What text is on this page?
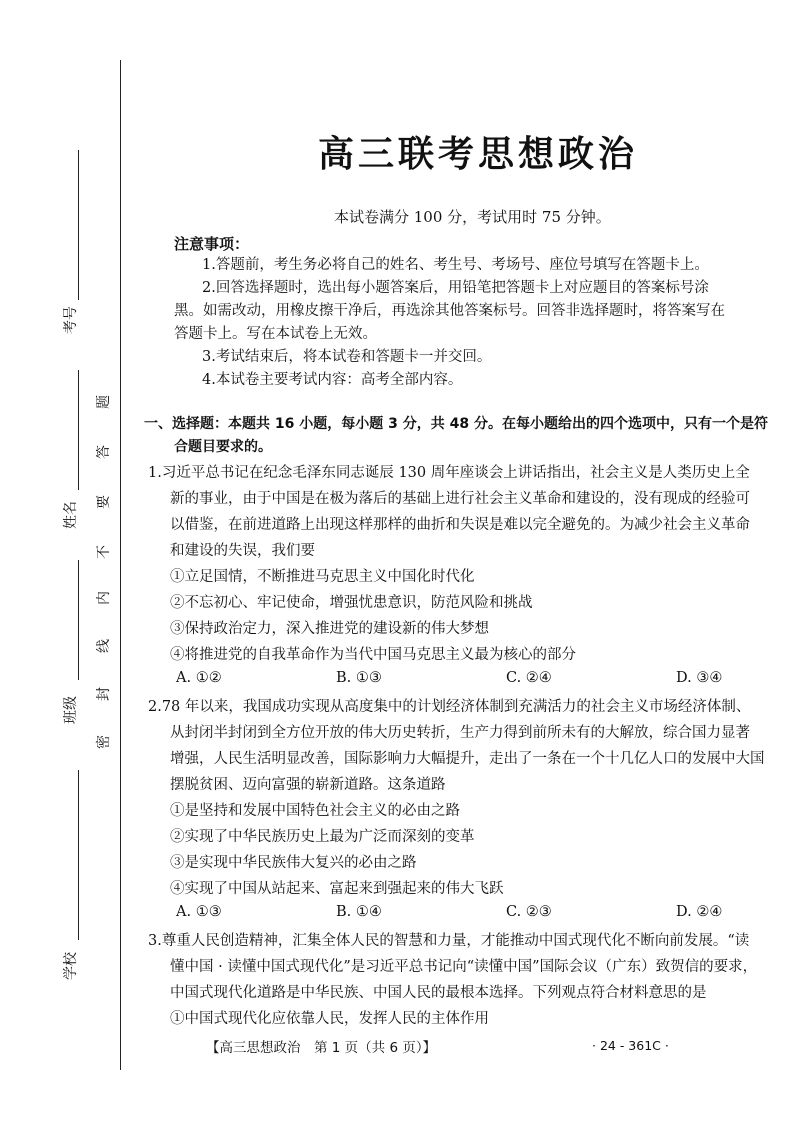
考号
姓名
班级
学校
题
答
要
不
内
线
封
密
高三联考思想政治
本试卷满分 100 分，考试用时 75 分钟。
注意事项：
1.答题前，考生务必将自己的姓名、考生号、考场号、座位号填写在答题卡上。
2.回答选择题时，选出每小题答案后，用铅笔把答题卡上对应题目的答案标号涂
黑。如需改动，用橡皮擦干净后，再选涂其他答案标号。回答非选择题时，将答案写在
答题卡上。写在本试卷上无效。
3.考试结束后，将本试卷和答题卡一并交回。
4.本试卷主要考试内容：高考全部内容。
一、选择题：本题共 16 小题，每小题 3 分，共 48 分。在每小题给出的四个选项中，只有一个是符
合题目要求的。
1.习近平总书记在纪念毛泽东同志诞辰 130 周年座谈会上讲话指出，社会主义是人类历史上全
新的事业，由于中国是在极为落后的基础上进行社会主义革命和建设的，没有现成的经验可
以借鉴，在前进道路上出现这样那样的曲折和失误是难以完全避免的。为减少社会主义革命
和建设的失误，我们要
①立足国情，不断推进马克思主义中国化时代化
②不忘初心、牢记使命，增强忧患意识，防范风险和挑战
③保持政治定力，深入推进党的建设新的伟大梦想
④将推进党的自我革命作为当代中国马克思主义最为核心的部分
A. ①②	B. ①③	C. ②④	D. ③④
2.78 年以来，我国成功实现从高度集中的计划经济体制到充满活力的社会主义市场经济体制、
从封闭半封闭到全方位开放的伟大历史转折，生产力得到前所未有的大解放，综合国力显著
增强，人民生活明显改善，国际影响力大幅提升，走出了一条在一个十几亿人口的发展中大国
摆脱贫困、迈向富强的崭新道路。这条道路
①是坚持和发展中国特色社会主义的必由之路
②实现了中华民族历史上最为广泛而深刻的变革
③是实现中华民族伟大复兴的必由之路
④实现了中国从站起来、富起来到强起来的伟大飞跃
A. ①③	B. ①④	C. ②③	D. ②④
3.尊重人民创造精神，汇集全体人民的智慧和力量，才能推动中国式现代化不断向前发展。“读
懂中国 · 读懂中国式现代化”是习近平总书记向“读懂中国”国际会议（广东）致贺信的要求，
中国式现代化道路是中华民族、中国人民的最根本选择。下列观点符合材料意思的是
①中国式现代化应依靠人民，发挥人民的主体作用
【高三思想政治　第 1 页（共 6 页）】	· 24 - 361C ·
